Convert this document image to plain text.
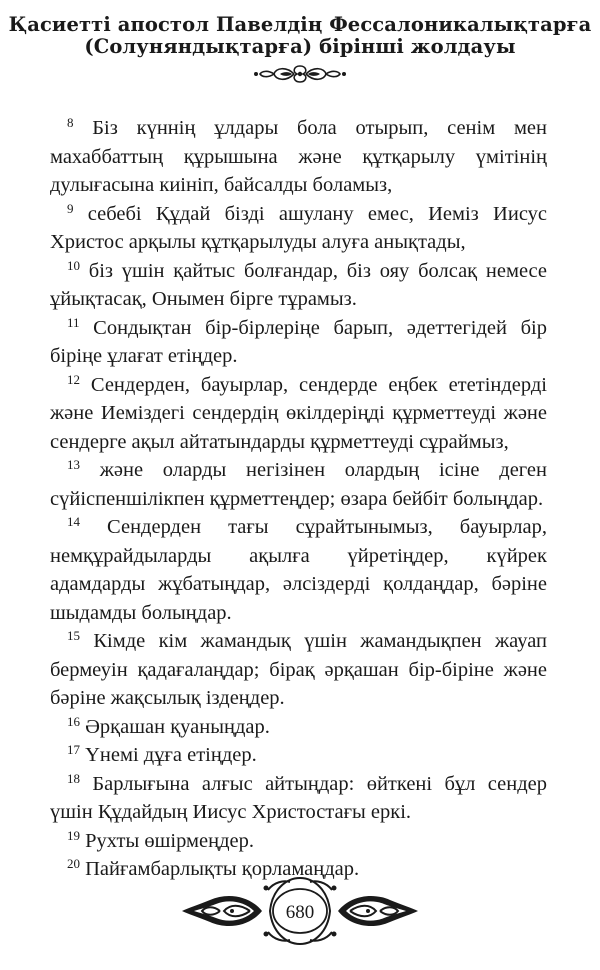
Қасиетті апостол Павелдің Фессалоникалықтарға
(Солуняндықтарға) бірінші жолдауы

$^8$ Біз күннің ұлдары бола отырып, сенім мен махаббаттың құрышына және құтқарылу үмітінің дулығасына киініп, байсалды боламыз,

$^9$ себебі Құдай бізді ашулану емес, Иеміз Иисус Христос арқылы құтқарылуды алуға анықтады,

$^{10}$ біз үшін қайтыс болғандар, біз ояу болсақ немесе ұйықтасақ, Онымен бірге тұрамыз.

$^{11}$ Сондықтан бір-бірлеріңе барып, әдеттегідей бір біріңе ұлағат етіңдер.

$^{12}$ Сендерден, бауырлар, сендерде еңбек ететіндерді және Иеміздегі сендердің өкілдеріңді құрметтеуді және сендерге ақыл айтатындарды құрметтеуді сұраймыз,

$^{13}$ және оларды негізінен олардың ісіне деген сүйіспеншілікпен құрметтеңдер; өзара бейбіт болыңдар.

$^{14}$ Сендерден тағы сұрайтынымыз, бауырлар, немқұрайдыларды ақылға үйретіңдер, күйрек адамдарды жұбатыңдар, әлсіздерді қолдаңдар, бәріне шыдамды болыңдар.

$^{15}$ Кімде кім жамандық үшін жамандықпен жауап бермеуін қадағалаңдар; бірақ әрқашан бір-біріне және бәріне жақсылық іздеңдер.

$^{16}$ Әрқашан қуаныңдар.

$^{17}$ Үнемі дұға етіңдер.

$^{18}$ Барлығына алғыс айтыңдар: өйткені бұл сендер үшін Құдайдың Иисус Христостағы еркі.

$^{19}$ Рухты өшірмеңдер.

$^{20}$ Пайғамбарлықты қорламаңдар.

680
